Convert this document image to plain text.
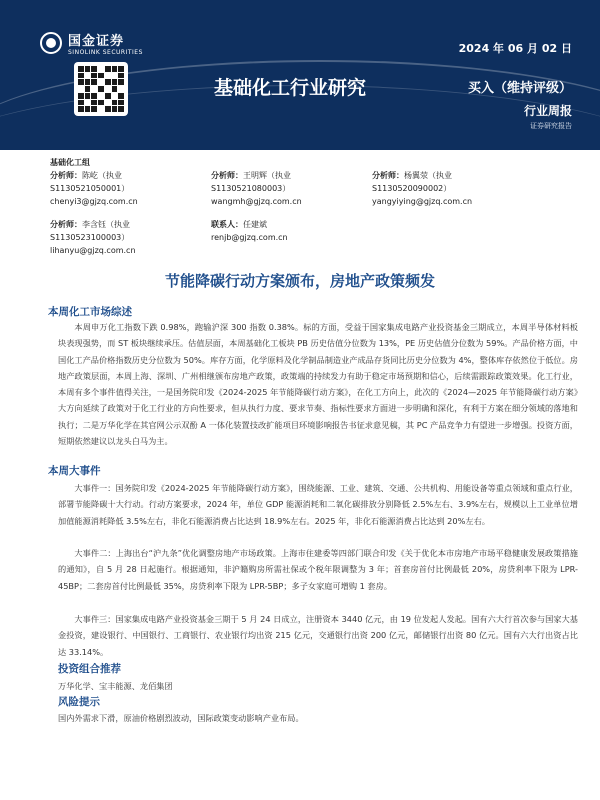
国金证券
SINOLINK SECURITIES	2024 年 06 月 02 日
基础化工行业研究	买入（维持评级）
行业周报
证券研究报告
基础化工组
分析师：陈屹（执业
S1130521050001）
chenyi3@gjzq.com.cn
分析师：王明辉（执业
S1130521080003）
wangmh@gjzq.com.cn
分析师：杨翼荥（执业
S1130520090002）
yangyiying@gjzq.com.cn
分析师：李含钰（执业
S1130523100003）
lihanyu@gjzq.com.cn
联系人：任建斌
renjb@gjzq.com.cn
节能降碳行动方案颁布，房地产政策频发
本周化工市场综述
本周申万化工指数下跌 0.98%，跑输沪深 300 指数 0.38%。标的方面，受益于国家集成电路产业投资基金三期成立，本周半导体材料板块表现强势，而 ST 板块继续承压。估值层面，本周基础化工板块 PB 历史估值分位数为 13%，PE 历史估值分位数为 59%。产品价格方面，中国化工产品价格指数历史分位数为 50%。库存方面，化学原料及化学制品制造业产成品存货同比历史分位数为 4%，整体库存依然位于低位。房地产政策层面，本周上海、深圳、广州相继颁布房地产政策，政策端的持续发力有助于稳定市场预期和信心，后续需跟踪政策效果。化工行业，本周有多个事件值得关注，一是国务院印发《2024-2025 年节能降碳行动方案》，在化工方向上，此次的《2024—2025 年节能降碳行动方案》大方向延续了政策对于化工行业的方向性要求，但从执行力度、要求节奏、指标性要求方面进一步明确和深化，有利于方案在细分领域的落地和执行；二是万华化学在其官网公示双酚 A 一体化装置技改扩能项目环境影响报告书征求意见稿，其 PC 产品竞争力有望进一步增强。投资方面，短期依然建议以龙头白马为主。
本周大事件
大事件一：国务院印发《2024-2025 年节能降碳行动方案》，围绕能源、工业、建筑、交通、公共机构、用能设备等重点领域和重点行业，部署节能降碳十大行动。行动方案要求，2024 年，单位 GDP 能源消耗和二氧化碳排放分别降低 2.5%左右、3.9%左右，规模以上工业单位增加值能源消耗降低 3.5%左右，非化石能源消费占比达到 18.9%左右。2025 年，非化石能源消费占比达到 20%左右。
大事件二：上海出台“沪九条”优化调整房地产市场政策。上海市住建委等四部门联合印发《关于优化本市房地产市场平稳健康发展政策措施的通知》，自 5 月 28 日起施行。根据通知，非沪籍购房所需社保或个税年限调整为 3 年；首套房首付比例最低 20%，房贷利率下限为 LPR-45BP；二套房首付比例最低 35%，房贷利率下限为 LPR-5BP；多子女家庭可增购 1 套房。
大事件三：国家集成电路产业投资基金三期于 5 月 24 日成立，注册资本 3440 亿元，由 19 位发起人发起。国有六大行首次参与国家大基金投资，建设银行、中国银行、工商银行、农业银行均出资 215 亿元，交通银行出资 200 亿元，邮储银行出资 80 亿元。国有六大行出资占比达 33.14%。
投资组合推荐
万华化学、宝丰能源、龙佰集团
风险提示
国内外需求下滑，原油价格剧烈波动，国际政策变动影响产业布局。
